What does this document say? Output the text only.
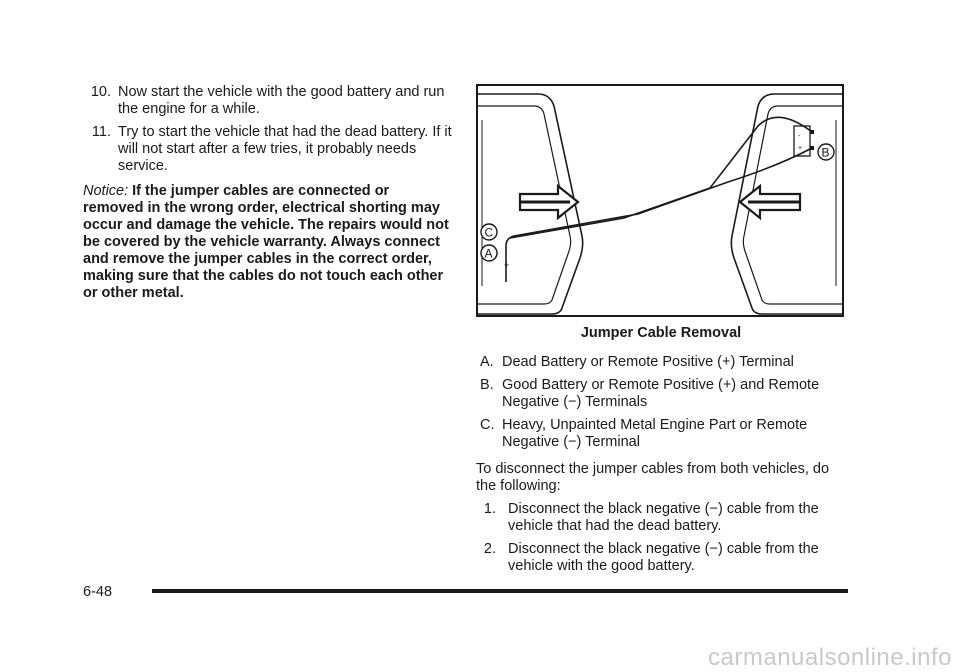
10. Now start the vehicle with the good battery and run the engine for a while.
11. Try to start the vehicle that had the dead battery. If it will not start after a few tries, it probably needs service.
Notice: If the jumper cables are connected or removed in the wrong order, electrical shorting may occur and damage the vehicle. The repairs would not be covered by the vehicle warranty. Always connect and remove the jumper cables in the correct order, making sure that the cables do not touch each other or other metal.
-
+ B
C
A
+
Jumper Cable Removal
A. Dead Battery or Remote Positive (+) Terminal
B. Good Battery or Remote Positive (+) and Remote Negative (−) Terminals
C. Heavy, Unpainted Metal Engine Part or Remote Negative (−) Terminal
To disconnect the jumper cables from both vehicles, do the following:
1. Disconnect the black negative (−) cable from the vehicle that had the dead battery.
2. Disconnect the black negative (−) cable from the vehicle with the good battery.
6-48
carmanualsonline.info
